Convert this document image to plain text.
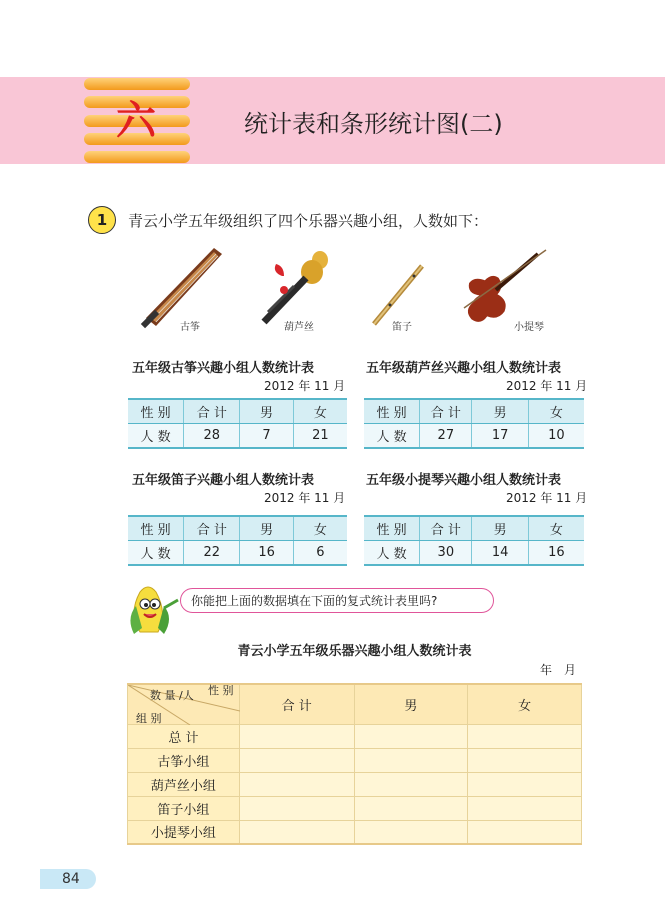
六	统计表和条形统计图(二)
1	青云小学五年级组织了四个乐器兴趣小组，人数如下：
古筝	葫芦丝	笛子	小提琴
五年级古筝兴趣小组人数统计表
2012 年 11 月
性 别	合 计	男	女
人 数	28	7	21
五年级葫芦丝兴趣小组人数统计表
2012 年 11 月
性 别	合 计	男	女
人 数	27	17	10
五年级笛子兴趣小组人数统计表
2012 年 11 月
性 别	合 计	男	女
人 数	22	16	6
五年级小提琴兴趣小组人数统计表
2012 年 11 月
性 别	合 计	男	女
人 数	30	14	16
你能把上面的数据填在下面的复式统计表里吗?
青云小学五年级乐器兴趣小组人数统计表
年　月
数 量 /人 性 别
组 别	合 计	男	女
总 计			
古筝小组			
葫芦丝小组			
笛子小组			
小提琴小组			
84
